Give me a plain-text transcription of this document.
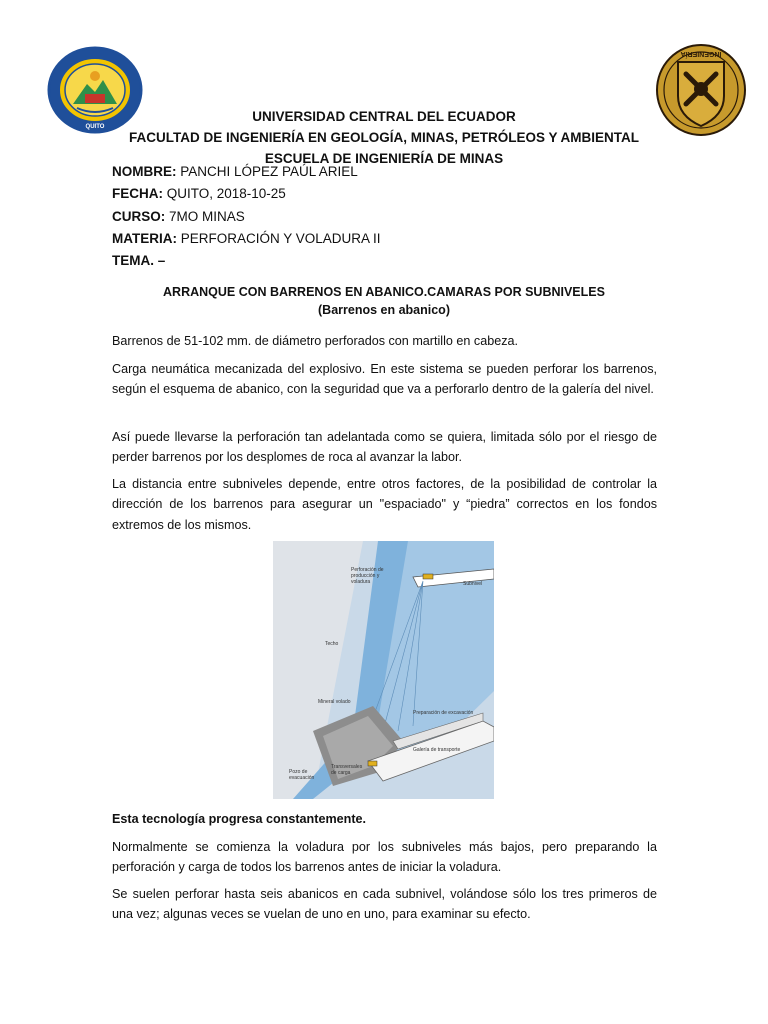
QUITO
INGENIERÍA
UNIVERSIDAD CENTRAL DEL ECUADOR
FACULTAD DE INGENIERÍA EN GEOLOGÍA, MINAS, PETRÓLEOS Y AMBIENTAL
ESCUELA DE INGENIERÍA DE MINAS
NOMBRE: PANCHI LÓPEZ PAÚL ARIEL
FECHA: QUITO, 2018-10-25
CURSO: 7MO MINAS
MATERIA: PERFORACIÓN Y VOLADURA II
TEMA. –
ARRANQUE CON BARRENOS EN ABANICO.CAMARAS POR SUBNIVELES
(Barrenos en abanico)
Barrenos de 51-102 mm. de diámetro perforados con martillo en cabeza.
Carga neumática mecanizada del explosivo. En este sistema se pueden perforar los barrenos, según el esquema de abanico, con la seguridad que va a perforarlo dentro de la galería del nivel.
Así puede llevarse la perforación tan adelantada como se quiera, limitada sólo por el riesgo de perder barrenos por los desplomes de roca al avanzar la labor.
La distancia entre subniveles depende, entre otros factores, de la posibilidad de controlar la dirección de los barrenos para asegurar un "espaciado" y “piedra” correctos en los fondos extremos de los mismos.
Perforación de
producción y
voladura	Subnivel
Techo
Mineral volado
Preparación de excavación
Transversales
de carga
Galería de transporte
Pozo de
evacuación
Esta tecnología progresa constantemente.
Normalmente se comienza la voladura por los subniveles más bajos, pero preparando la perforación y carga de todos los barrenos antes de iniciar la voladura.
Se suelen perforar hasta seis abanicos en cada subnivel, volándose sólo los tres primeros de una vez; algunas veces se vuelan de uno en uno, para examinar su efecto.
